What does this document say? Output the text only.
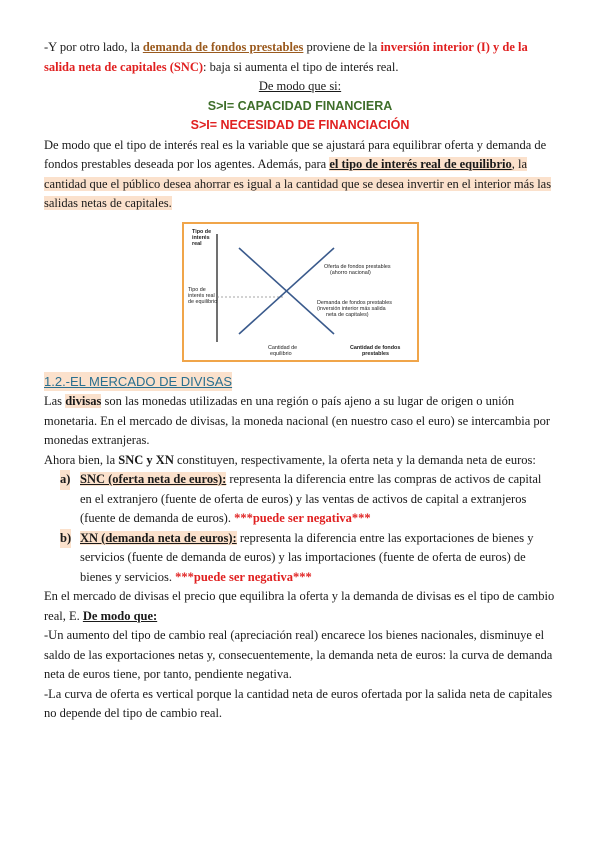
-Y por otro lado, la demanda de fondos prestables proviene de la inversión interior (I) y de la salida neta de capitales (SNC): baja si aumenta el tipo de interés real.

De modo que si:

S>I= CAPACIDAD FINANCIERA

S>I= NECESIDAD DE FINANCIACIÓN

De modo que el tipo de interés real es la variable que se ajustará para equilibrar oferta y demanda de fondos prestables deseada por los agentes. Además, para el tipo de interés real de equilibrio, la cantidad que el público desea ahorrar es igual a la cantidad que se desea invertir en el interior más las salidas netas de capitales.

Tipo de interés real
Tipo de interés real de equilibrio
Oferta de fondos prestables (ahorro nacional)
Demanda de fondos prestables (inversión interior más salida neta de capitales)
Cantidad de equilibrio
Cantidad de fondos prestables
1.2.-EL MERCADO DE DIVISAS

Las divisas son las monedas utilizadas en una región o país ajeno a su lugar de origen o unión monetaria. En el mercado de divisas, la moneda nacional (en nuestro caso el euro) se intercambia por monedas extranjeras.

Ahora bien, la SNC y XN constituyen, respectivamente, la oferta neta y la demanda neta de euros:

a) SNC (oferta neta de euros): representa la diferencia entre las compras de activos de capital en el extranjero (fuente de oferta de euros) y las ventas de activos de capital a extranjeros (fuente de demanda de euros). ***puede ser negativa***
b) XN (demanda neta de euros): representa la diferencia entre las exportaciones de bienes y servicios (fuente de demanda de euros) y las importaciones (fuente de oferta de euros) de bienes y servicios. ***puede ser negativa***

En el mercado de divisas el precio que equilibra la oferta y la demanda de divisas es el tipo de cambio real, E. De modo que:

-Un aumento del tipo de cambio real (apreciación real) encarece los bienes nacionales, disminuye el saldo de las exportaciones netas y, consecuentemente, la demanda neta de euros: la curva de demanda neta de euros tiene, por tanto, pendiente negativa.

-La curva de oferta es vertical porque la cantidad neta de euros ofertada por la salida neta de capitales no depende del tipo de cambio real.
